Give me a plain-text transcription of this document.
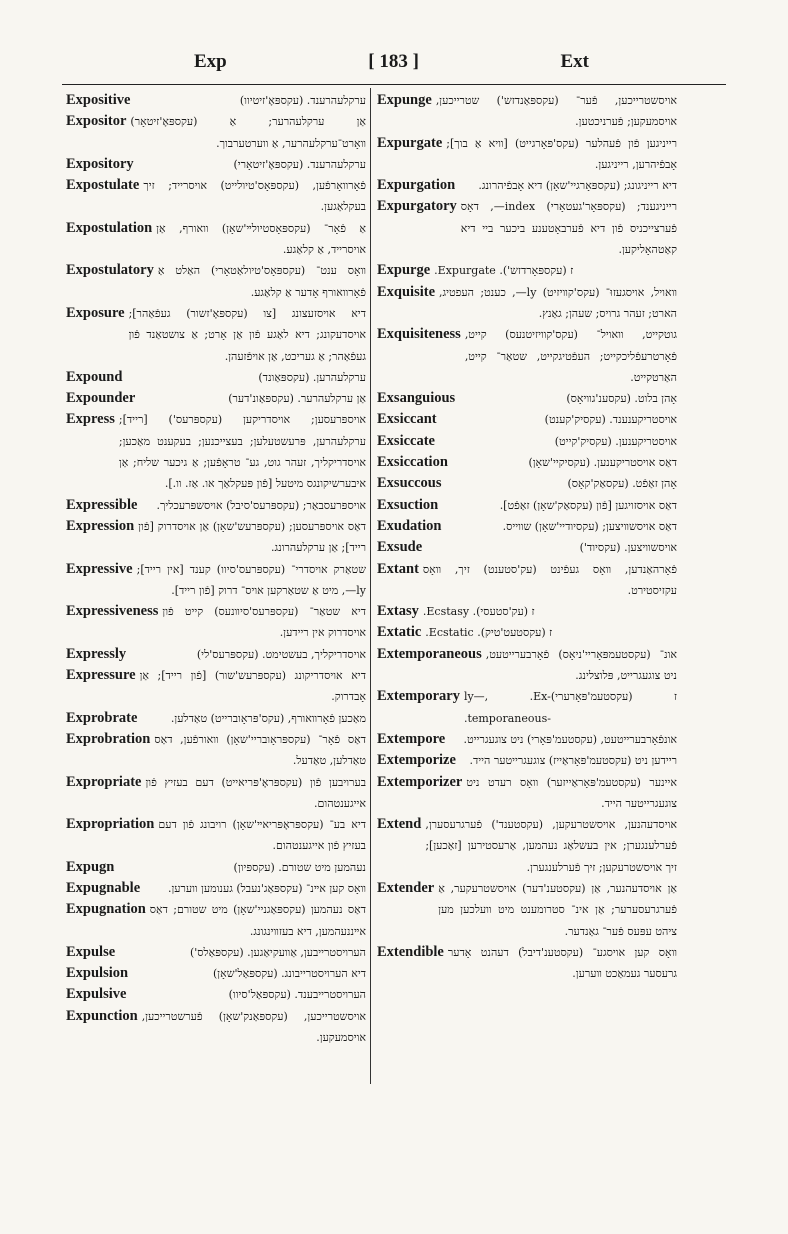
Exp	[ 183 ]	Ext
Expositive	ערקלעהרענד. (עקספּאָ'זיטיוו)
Expositor אַן ערקלעהרער; אַ (עקספּאָ'זיטאָר) װאָרט־ערקלעהרער, אַ װערטערבוך.
Expository	ערקלעהרענד. (עקספּאָ'זיטאָרי)
Expostulate פֿאָרװאָרפֿען, (עקספּאָס'טיולייט) אויסרייד; זיך בעקלאַגען.
Expostulation אַ פֿאָר־ (עקספּאָסטיולײ'שאָן) װאורף, אַן אויסרייד, אַ קלאַגע.
Expostulatory װאָס ענט־ (עקספּאָס'טיולאַטאָרי) האַלט אַ פֿאָרװאורף אָדער אַ קלאַגע.
Exposure דיא אויסזעצונג [צו (עקספּאָ'זשור) געפֿאַהר]; אויסדעקונג; דיא לאַגע פֿון אַן אָרט; אַ צושטאַנד פֿון געפֿאַהר; אַ געריכט, אַן אויפֿזעהן.
Expound	ערקלעהרען. (עקספּאַונד)
Expounder	אַן ערקלעהרער. (עקספּאַונ'דער)
Express אויספּרעסען; אויסדריקען (עקספּרעס') [רייד]; ערקלעהרען, פּרעשטעלען; בעצייכנען; בעקענט מאַכען; אויסדריקליך, זעהר גוט, גע־ טראָפֿען; אַ גיכער שליח; אַן איבערשיקונגס מיטעל [פֿון פּעקלאַך או. אַז. װ.].
Expressible	אויספּרעסבאַר; (עקספּרעס'סיבל) אויסשפּרעכליך.
Expression דאַס אויספּרעסען; (עקספּרעש'שאָן) אַן אויסדרוק [פֿון רייד]; אַן ערקלעהרונג.
Expressive שטאַרק אויסדרי־ (עקספּרעס'סיוו) קענד [אין רייד]; ly—, מיט אַ שטאַרקען אויס־ דרוק [פֿון רייד].
Expressiveness דיא שטאַר־ (עקספּרעס'סיװנעס) קייט פֿון אויסדרוק אין ריידען.
Expressly	אויסדריקליך, בעשטימט. (עקספּרעס'לי)
Expressure דיא אויסדריקונג (עקספּרעש'שור) [פֿון רייד]; אַן אָבדרוק.
Exprobrate	מאַכען פֿאָרװאורף, (עקס'פּראָוברייט) טאַדלען.
Exprobration דאַס פֿאָר־ (עקספּראָובריי'שאָן) װאורפֿען, דאַס טאַדלען, טאַדעל.
Expropriate בערויבען פֿון (עקספּראָ'פּריאייט) דעם בעזיץ פֿון אייגענטהום.
Expropriation דיא בע־ (עקספּראָפּריאײ'שאָן) רויבונג פֿון דעם בעזיץ פֿון אייגענטהום.
Expugn	נעהמען מיט שטורם. (עקספּיון)
Expugnable	װאָס קען אײנ־ (עקספּאַג'נעבל) גענומען װערען.
Expugnation דאַס נעהמען (עקספּאַגניי'שאָן) מיט שטורם; דאַס אײננעהמען, דיא בעזװינגונג.
Expulse	הערויסטרייבען, אַװעקיאַגען. (עקספּאַלס')
Expulsion	דיא הערויסטרייבונג. (עקספּאַל'שאָן)
Expulsive	הערויסטרייבענד. (עקספּאַל'סיוו)
Expunction אויסשטרייכען, (עקספּאַנק'שאָן) פֿערשטרייכען, אויסמעקען.
Expunge אויסשטרייכען, פֿער־ (עקספּאַנדזש') שטרייכען, אויסמעקען; פֿערניכטען.
Expurgate רייניגען פֿון פֿעהלער (עקס'פּאָרגייט) [װיא אַ בוך]; אָבפֿיהרען, רייניגען.
Expurgation	דיא רייניגונג; (עקספּאָרגיי'שאָן) דיא אָבפֿיהרונג.
Expurgatory רייניגענד; (עקספּאָר'געטאָרי) index—, דאָס פֿערצייכניס פֿון דיא פֿערבאָטענע ביכער ביי דיא קאַטהאָליקען.
Expurge .Expurgate .ז (עקספּאָרדזש')
Exquisite װאויל, אויסגעזוּ־ (עקס'קװיזיט) ly—, כענט; העפטיג, הארט; זעהר גרויס; שעהן; גאַנץ.
Exquisiteness גוטקייט, װאויל־ (עקס'קװיזיטנעס) קייט, פֿאָרטרעפֿליכקייט; העפֿטיגקייט, שטאַר־ קייט, האַרטקייט.
Exsanguious	אָהן בלוט. (עקסענ'גװיאָס)
Exsiccant	אויסטריקענענד. (עקסיק'קענט)
Exsiccate	אויסטריקענען. (עקסיק'קייט)
Exsiccation	דאַס אויסטריקענען. (עקסיקיי'שאָן)
Exsuccous	אָהן זאַפֿט. (עקסאַק'קאָס)
Exsuction	דאַס אויסזויגען [פֿון (עקסאַק'שאָן) זאַפֿט].
Exudation	דאַס אויסשװיצען; (עקסיודיי'שאָן) שװייס.
Exsude	אויסשװיצען. (עקסיוד')
Extant פֿאָרהאַנדען, װאָס געפֿינט (עק'סטענט) זיך, װאָס עקזיסטירט.
Extasy .Ecstasy .ז (עק'סטעסי)
Extatic .Ecstatic .ז (עקסטעט'טיק)
Extemporaneous אונ־ (עקסטעמפּאָריי'ניאָס) פֿאָרבערייטעט, ניט צוגעגרייט, פּלוצלינג.
Extemporary ly—, .Ex-ז (עקסטעמ'פּאָרערי) .temporaneous-
Extempore	אונפֿאָרבערייטעט, (עקסטעמ'פּאָרי) ניט צוגעגרייט.
Extemporize	ריידען ניט (עקסטעמ'פּאָראַייז) צוגעגרייטער הייד.
Extemporizer איינער (עקסטעמ'פּאָראַייזער) װאָס רעדט ניט צוגעגרייטער הייד.
Extend אויסדעהנען, אויסשטרעקען, (עקסטענד') פֿערגרעסערן, פֿערלענגערן; אין בעשלאַג נעהמען, אַרעסטירען [זאַכען]; זיך אויסשטרעקען; זיך פֿערלענגערן.
Extender אַן אויסדעהנער, אַן (עקסטענ'דער) אויסשטרעקער, אַ פֿערגרעסערער; אַן אינ־ סטרומענט מיט װעלכען מען ציהט עפּעס פֿער־ גאַנדער.
Extendible װאָס קען אויסגע־ (עקסטענ'דיבל) דעהנט אָדער גרעסער געמאַכט װערען.
